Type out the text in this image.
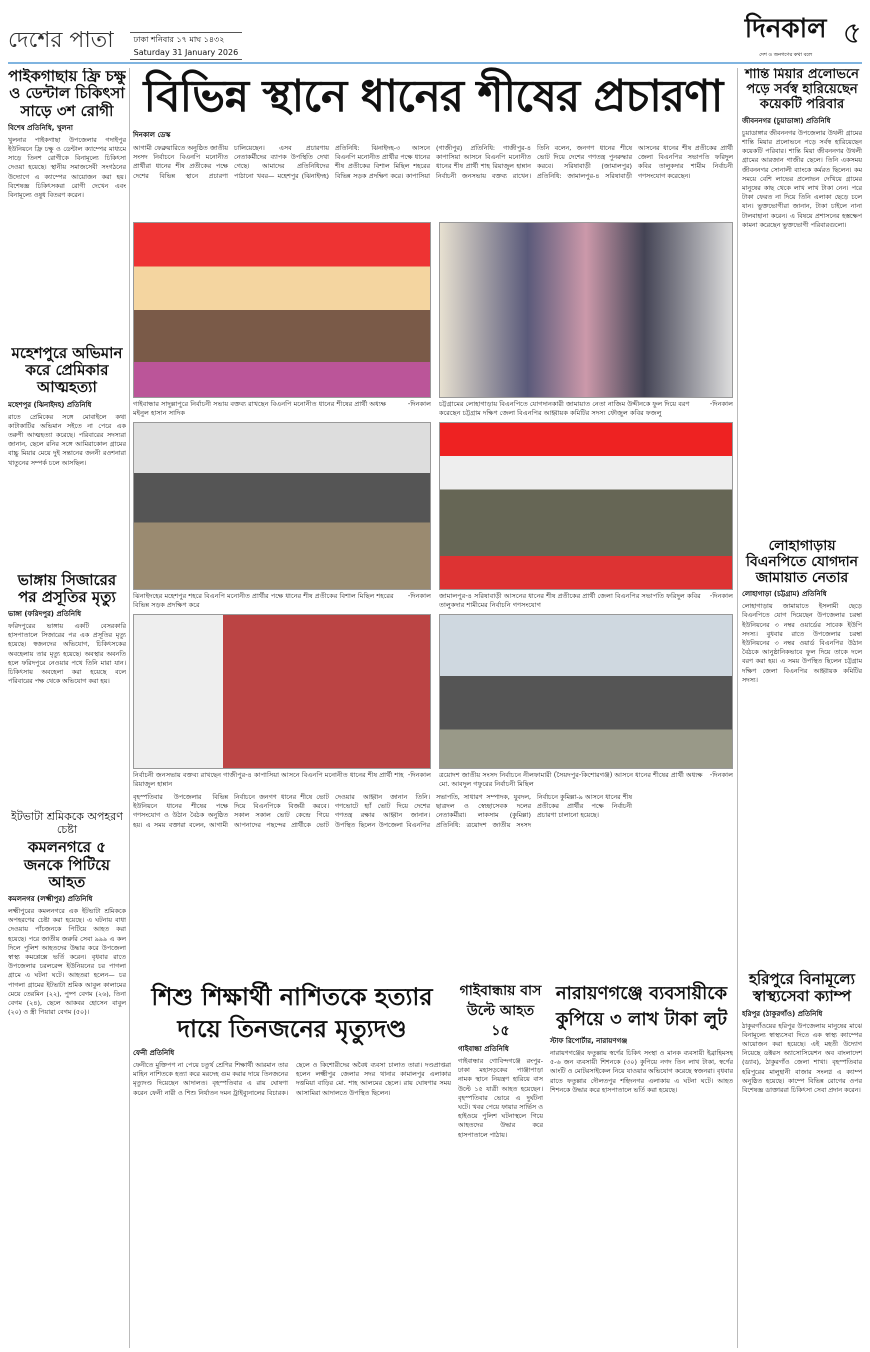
দেশের পাতা	ঢাকা শনিবার ১৭ মাঘ ১৪৩২
Saturday 31 January 2026
দিনকাল
দেশ ও জনগণের কথা বলে
৫
পাইকগাছায় ফ্রি চক্ষু ও ডেন্টাল চিকিৎসা সাড়ে ৩শ রোগী
বিশেষ প্রতিনিধি, খুলনা
খুলনার পাইকগাছা উপজেলার গদাইপুর ইউনিয়নে ফ্রি চক্ষু ও ডেন্টাল ক্যাম্পের মাধ্যমে সাড়ে তিনশ রোগীকে বিনামূল্যে চিকিৎসা দেওয়া হয়েছে। স্থানীয় সমাজসেবী সংগঠনের উদ্যোগে এ ক্যাম্পের আয়োজন করা হয়। বিশেষজ্ঞ চিকিৎসকরা রোগী দেখেন এবং বিনামূল্যে ওষুধ বিতরণ করেন।
মহেশপুরে অভিমান করে প্রেমিকার আত্মহত্যা
মহেশপুর (ঝিনাইদহ) প্রতিনিধি
রাতে প্রেমিকের সঙ্গে মোবাইলে কথা কাটাকাটির অভিমান সইতে না পেরে এক তরুণী আত্মহত্যা করেছে। পরিবারের সদস্যরা জানান, ছেলে রনির সঙ্গে আমিরাকোল গ্রামের বাচ্চু মিয়ার মেয়ে দুই সন্তানের জননী রওশনারা খাতুনের সম্পর্ক চলে আসছিল।
ভাঙ্গায় সিজারের পর প্রসূতির মৃত্যু
ভাঙ্গা (ফরিদপুর) প্রতিনিধি
ফরিদপুরের ভাঙ্গায় একটি বেসরকারি হাসপাতালে সিজারের পর এক প্রসূতির মৃত্যু হয়েছে। স্বজনদের অভিযোগ, চিকিৎসকের অবহেলায় তার মৃত্যু হয়েছে। অবস্থার অবনতি হলে ফরিদপুরে নেওয়ার পথে তিনি মারা যান। চিকিৎসায় অবহেলা করা হয়েছে বলে পরিবারের পক্ষ থেকে অভিযোগ করা হয়।
ইটভাটা শ্রমিককে অপহরণ চেষ্টা
কমলনগরে ৫ জনকে পিটিয়ে আহত
কমলনগর (লক্ষ্মীপুর) প্রতিনিধি
লক্ষ্মীপুরের কমলনগরে এক ইটভাটা শ্রমিককে অপহরণের চেষ্টা করা হয়েছে। এ ঘটনায় বাধা দেওয়ায় পাঁচজনকে পিটিয়ে আহত করা হয়েছে। পরে জাতীয় জরুরি সেবা ৯৯৯ এ কল দিলে পুলিশ আহতদের উদ্ধার করে উপজেলা স্বাস্থ্য কমপ্লেক্সে ভর্তি করেন। বৃধবার রাতে উপজেলার চরলরেন্স ইউনিয়নের চর পাগলা গ্রামে এ ঘটনা ঘটে। আহতরা হলেন— চর পাগলা গ্রামের ইটভাটা শ্রমিক আবুল কালামের মেয়ে তেরমিন (২২), পুষ্প বেগম (২৬), তিনা বেগম (২৪), ছেলে আকবর হোসেন বাবুল (২০) ও স্ত্রী পিয়ারা বেগম (৫০)।
বিভিন্ন স্থানে ধানের শীষের প্রচারণা
দিনকাল ডেস্ক
আগামী ফেব্রুয়ারিতে অনুষ্ঠিত জাতীয় সংসদ নির্বাচনে বিএনপি মনোনীত প্রার্থীরা ধানের শীষ প্রতীকের পক্ষে দেশের বিভিন্ন স্থানে প্রচারণা চালিয়েছেন। এসব প্রচারণায় নেতাকর্মীদের ব্যাপক উপস্থিতি দেখা গেছে। আমাদের প্রতিনিধিদের পাঠানো খবর— মহেশপুর (ঝিনাইদহ) প্রতিনিধি: ঝিনাইদহ-৩ আসনে বিএনপি মনোনীত প্রার্থীর পক্ষে ধানের শীষ প্রতীকের বিশাল মিছিল শহরের বিভিন্ন সড়ক প্রদক্ষিণ করে। কাপাসিয়া (গাজীপুর) প্রতিনিধি: গাজীপুর-৪ কাপাসিয়া আসনে বিএনপি মনোনীত ধানের শীষ প্রার্থী শাহ রিয়াজুল হান্নান নির্বাচনী জনসভায় বক্তব্য রাখেন। তিনি বলেন, জনগণ ধানের শীষে ভোট দিয়ে দেশের গণতন্ত্র পুনরুদ্ধার করবে। সরিষাবাড়ী (জামালপুর) প্রতিনিধি: জামালপুর-৪ সরিষাবাড়ী আসনের ধানের শীষ প্রতীকের প্রার্থী জেলা বিএনপির সভাপতি ফরিদুল কবির তালুকদার শামীম নির্বাচনী গণসংযোগ করেছেন।
-দিনকাল
গাইবান্ধার সাদুল্লাপুরে নির্বাচনী সভায় বক্তব্য রাখছেন বিএনপি মনোনীত ধানের শীষের প্রার্থী অধ্যক্ষ মইনুল হাসান সাদিক
-দিনকাল
চট্টগ্রামের লোহাগাড়ায় বিএনপিতে যোগদানকারী জামায়াত নেতা নাজিম উদ্দীনকে ফুল দিয়ে বরণ করেছেন চট্টগ্রাম দক্ষিণ জেলা বিএনপির আহ্বায়ক কমিটির সদস্য ফৌজুল কবির ফজলু
-দিনকাল
ঝিনাইদহের মহেশপুর শহরে বিএনপি মনোনীত প্রার্থীর পক্ষে ধানের শীষ প্রতীকের বিশাল মিছিল শহরের বিভিন্ন সড়ক প্রদক্ষিণ করে
-দিনকাল
জামালপুর-৪ সরিষাবাড়ী আসনের ধানের শীষ প্রতীকের প্রার্থী জেলা বিএনপির সভাপতি ফরিদুল কবির তালুকদার শামীমের নির্বাচনি গণসংযোগ
-দিনকাল
নির্বাচনী জনসভায় বক্তব্য রাখছেন গাজীপুর-৪ কাপাসিয়া আসনে বিএনপি মনোনীত ধানের শীষ প্রার্থী শাহ রিয়াজুল হান্নান
-দিনকাল
ত্রয়োদশ জাতীয় সংসদ নির্বাচনে নীলফামারী (সৈয়দপুর-কিশোরগঞ্জ) আসনে ধানের শীষের প্রার্থী অধ্যক্ষ মো. আবদুল গফুরের নির্বাচনী মিছিল
বৃহস্পতিবার উপজেলার বিভিন্ন ইউনিয়নে ধানের শীষের পক্ষে গণসংযোগ ও উঠান বৈঠক অনুষ্ঠিত হয়। এ সময় বক্তারা বলেন, আগামী নির্বাচনে জনগণ ধানের শীষে ভোট দিয়ে বিএনপিকে বিজয়ী করবে। সকাল সকাল ভোট কেন্দ্রে গিয়ে আপনাদের পছন্দের প্রার্থীকে ভোট দেওয়ার আহ্বান জানান তিনি। গণভোটে হ্যাঁ ভোট দিয়ে দেশের গণতন্ত্র রক্ষার আহ্বান জানান। উপস্থিত ছিলেন উপজেলা বিএনপির সভাপতি, সাধারণ সম্পাদক, যুবদল, ছাত্রদল ও স্বেচ্ছাসেবক দলের নেতাকর্মীরা। লাকসাম (কুমিল্লা) প্রতিনিধি: ত্রয়োদশ জাতীয় সংসদ নির্বাচনে কুমিল্লা-৯ আসনে ধানের শীষ প্রতীকের প্রার্থীর পক্ষে নির্বাচনী প্রচারণা চালানো হয়েছে।
শিশু শিক্ষার্থী নাশিতকে হত্যার দায়ে তিনজনের মৃত্যুদণ্ড
ফেনী প্রতিনিধি
ফেনীতে মুক্তিপণ না পেয়ে চতুর্থ শ্রেণির শিক্ষার্থী আরমান তার মাহিন নাশিতকে হত্যা করে মরদেহ গুম করার দায়ে তিনজনের মৃত্যুদণ্ড দিয়েছেন আদালত। বৃহস্পতিবার এ রায় ঘোষণা করেন ফেনী নারী ও শিশু নির্যাতন দমন ট্রাইব্যুনালের বিচারক। ছেলে ও কিশোরীদের অবৈধ ব্যবসা চালাত তারা। দণ্ডপ্রাপ্তরা হলেন লক্ষ্মীপুর জেলার সদর থানার কামালপুর এলাকার দত্তমিয়া বাড়ির মো. শাহ আলমের ছেলে। রায় ঘোষণার সময় আসামিরা আদালতে উপস্থিত ছিলেন।
গাইবান্ধায় বাস উল্টে আহত ১৫
গাইবান্ধা প্রতিনিধি
গাইবান্ধার গোবিন্দগঞ্জে রংপুর-ঢাকা মহাসড়কের পাঞ্জাপাড়া নামক স্থানে নিয়ন্ত্রণ হারিয়ে বাস উল্টে ১৫ যাত্রী আহত হয়েছেন। বৃহস্পতিবার ভোরে এ দুর্ঘটনা ঘটে। খবর পেয়ে ফায়ার সার্ভিস ও হাইওয়ে পুলিশ ঘটনাস্থলে গিয়ে আহতদের উদ্ধার করে হাসপাতালে পাঠায়।
নারায়ণগঞ্জে ব্যবসায়ীকে কুপিয়ে ৩ লাখ টাকা লুট
স্টাফ রিপোর্টার, নারায়ণগঞ্জ
নারায়ণগঞ্জের ফতুল্লায় স্বর্ণের চিকিৎ সংস্থা ও মানক ব্যবসায়ী ইব্রাহিমসহ ৫-৬ জন ব্যবসায়ী শিশনকে (৩০) কুপিয়ে নগদ তিন লাখ টাকা, স্বর্ণের আংটি ও মোটরসাইকেল নিয়ে যাওয়ার অভিযোগ করেছে স্বজনরা। বৃধবার রাতে ফতুল্লার দৌলতপুর শহিদনগর এলাকায় এ ঘটনা ঘটে। আহত শিশনকে উদ্ধার করে হাসপাতালে ভর্তি করা হয়েছে।
শান্তি মিয়ার প্রলোভনে পড়ে সর্বস্ব হারিয়েছেন কয়েকটি পরিবার
জীবননগর (চুয়াডাঙ্গা) প্রতিনিধি
চুয়াডাঙ্গার জীবননগর উপজেলার উথলী গ্রামের শান্তি মিয়ার প্রলোভনে পড়ে সর্বস্ব হারিয়েছেন কয়েকটি পরিবার। শান্তি মিয়া জীবননগর উথলী গ্রামের আরজান গাজীর ছেলে। তিনি একসময় জীবননগর সোনালী ব্যাংকে কর্মরত ছিলেন। কম সময়ে বেশি লাভের প্রলোভন দেখিয়ে গ্রামের মানুষের কাছ থেকে লাখ লাখ টাকা নেন। পরে টাকা ফেরত না দিয়ে তিনি এলাকা ছেড়ে চলে যান। ভুক্তভোগীরা জানান, টাকা চাইলে নানা টালবাহানা করেন। এ বিষয়ে প্রশাসনের হস্তক্ষেপ কামনা করেছেন ভুক্তভোগী পরিবারগুলো।
লোহাগাড়ায় বিএনপিতে যোগদান জামায়াত নেতার
লোহাগাড়া (চট্টগ্রাম) প্রতিনিধি
লোহাগাড়ায় জামায়াতে ইসলামী ছেড়ে বিএনপিতে যোগ দিয়েছেন উপজেলার চরম্বা ইউনিয়নের ৩ নম্বর ওয়ার্ডের সাবেক ইউপি সদস্য। বুধবার রাতে উপজেলার চরম্বা ইউনিয়নের ৩ নম্বর ওয়ার্ড বিএনপির উঠান বৈঠকে আনুষ্ঠানিকভাবে ফুল দিয়ে তাকে দলে বরণ করা হয়। এ সময় উপস্থিত ছিলেন চট্টগ্রাম দক্ষিণ জেলা বিএনপির আহ্বায়ক কমিটির সদস্য।
হরিপুরে বিনামূল্যে স্বাস্থ্যসেবা ক্যাম্প
হরিপুর (ঠাকুরগাঁও) প্রতিনিধি
ঠাকুরগাঁওয়ের হরিপুর উপজেলায় মানুষের মাঝে বিনামূল্যে স্বাস্থ্যসেবা দিতে এক স্বাস্থ্য ক্যাম্পের আয়োজন করা হয়েছে। এই মহতী উদ্যোগ নিয়েছে ডক্টরস অ্যাসোসিয়েশন অব বাংলাদেশ (ড্যাব), ঠাকুরগাঁও জেলা শাখা। বৃহস্পতিবার হরিপুরের মালুহানী বাজার সংলগ্ন এ ক্যাম্প অনুষ্ঠিত হয়েছে। কাম্পে বিভিন্ন রোগের ওপর বিশেষজ্ঞ ডাক্তাররা চিকিৎসা সেবা প্রদান করেন।
